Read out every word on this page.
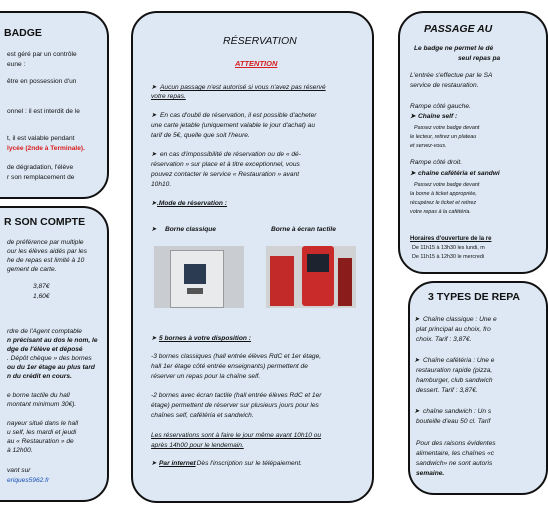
BADGE
est géré par un contrôle
eune :
être en possession d'un
onnel : il est interdit de le
t, il est valable pendant
lycée (2nde à Terminale).
de dégradation, l'élève
r son remplacement de
R SON COMPTE
de préférence par multiple
our les élèves aidés par les
he de repas est limité à 10
gement de carte.
3,87€
1,60€
rdre de l'Agent comptable
n précisant au dos le nom, le
dge de l'élève et déposé
. Dépôt chèque » des bornes
ou du 1er étage au plus tard
n du crédit en cours.
e borne tactile du hall
montant minimum 30€).
nayeur situé dans le hall
u self, les mardi et jeudi
au « Restauration » de
à 12h00.
vant sur
eriques5962.fr
RÉSERVATION
ATTENTION
➤ Aucun passage n'est autorisé si vous n'avez pas réservé
votre repas.
➤ En cas d'oubli de réservation, il est possible d'acheter
une carte jetable (uniquement valable le jour d'achat) au
tarif de 5€, quelle que soit l'heure.
➤ en cas d'impossibilité de réservation ou de « dé-
réservation » sur place et à titre exceptionnel, vous
pouvez contacter le service « Restauration » avant
10h10.
➤ .Mode de réservation :
➤ Borne classique	Borne à écran tactile
➤ 5 bornes à votre disposition :
-3 bornes classiques (hall entrée élèves RdC et 1er étage,
hall 1er étage côté entrée enseignants) permettent de
réserver un repas pour la chaîne self.
-2 bornes avec écran tactile (hall entrée élèves RdC et 1er
étage) permettent de réserver sur plusieurs jours pour les
chaînes self, cafétéria et sandwich.
Les réservations sont à faire le jour même avant 10h10 ou
après 14h00 pour le lendemain.
➤ Par internet
: Dès l'inscription sur le télépaiement.
PASSAGE AU
Le badge ne permet le dé
seul repas pa
L'entrée s'effectue par le SA
service de restauration.
Rampe côté gauche.
➤ Chaîne self :
Passez votre badge devant
le lecteur, retirez un plateau
et servez-vous.
Rampe côté droit.
➤ chaîne cafétéria et sandwi
Passez votre badge devant
la borne à ticket appropriée,
récupérez le ticket et retirez
votre repas à la cafétéria.
Horaires d'ouverture de la re
De 11h15 à 13h30 les lundi, m
De 11h15 à 12h30 le mercredi
3 TYPES DE REPA
➤ Chaîne classique : Une e
plat principal au choix, fro
choix. Tarif : 3,87€.
➤ Chaîne cafétéria : Une e
restauration rapide (pizza,
hamburger, club sandwich
dessert. Tarif : 3,87€.
➤ chaîne sandwich : Un s
bouteille d'eau 50 cl. Tarif
Pour des raisons évidentes
alimentaire, les chaînes «c
sandwich» ne sont autoris
semaine.
